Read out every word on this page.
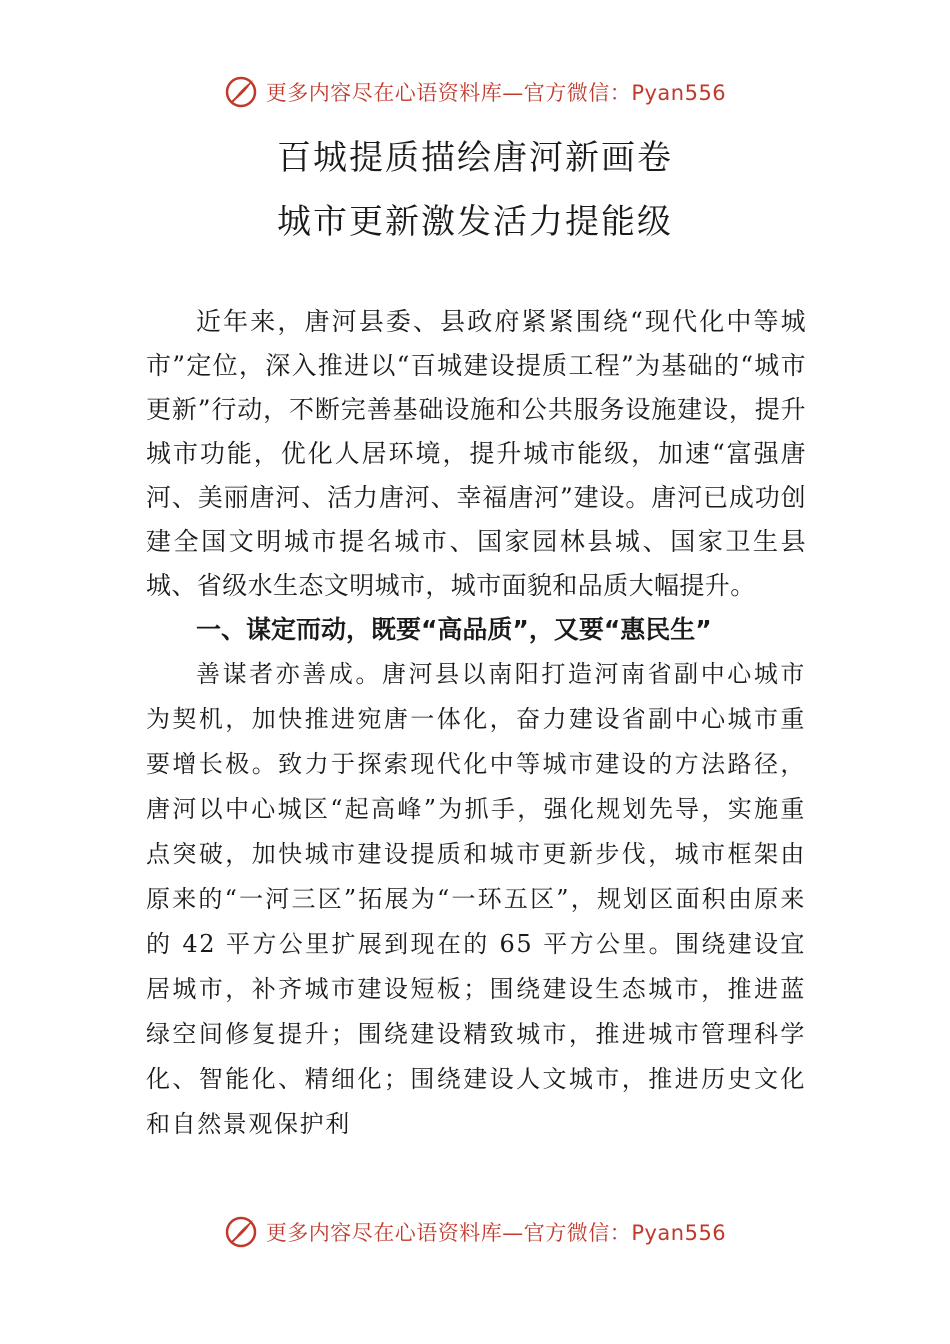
更多内容尽在心语资料库—官方微信：Pyan556
百城提质描绘唐河新画卷
城市更新激发活力提能级

近年来，唐河县委、县政府紧紧围绕“现代化中等城市”定位，深入推进以“百城建设提质工程”为基础的“城市更新”行动，不断完善基础设施和公共服务设施建设，提升城市功能，优化人居环境，提升城市能级，加速“富强唐河、美丽唐河、活力唐河、幸福唐河”建设。唐河已成功创建全国文明城市提名城市、国家园林县城、国家卫生县城、省级水生态文明城市，城市面貌和品质大幅提升。

一、谋定而动，既要“高品质”，又要“惠民生”

善谋者亦善成。唐河县以南阳打造河南省副中心城市为契机，加快推进宛唐一体化，奋力建设省副中心城市重要增长极。致力于探索现代化中等城市建设的方法路径，唐河以中心城区“起高峰”为抓手，强化规划先导，实施重点突破，加快城市建设提质和城市更新步伐，城市框架由原来的“一河三区”拓展为“一环五区”，规划区面积由原来的 42 平方公里扩展到现在的 65 平方公里。围绕建设宜居城市，补齐城市建设短板；围绕建设生态城市，推进蓝绿空间修复提升；围绕建设精致城市，推进城市管理科学化、智能化、精细化；围绕建设人文城市，推进历史文化和自然景观保护利

更多内容尽在心语资料库—官方微信：Pyan556
